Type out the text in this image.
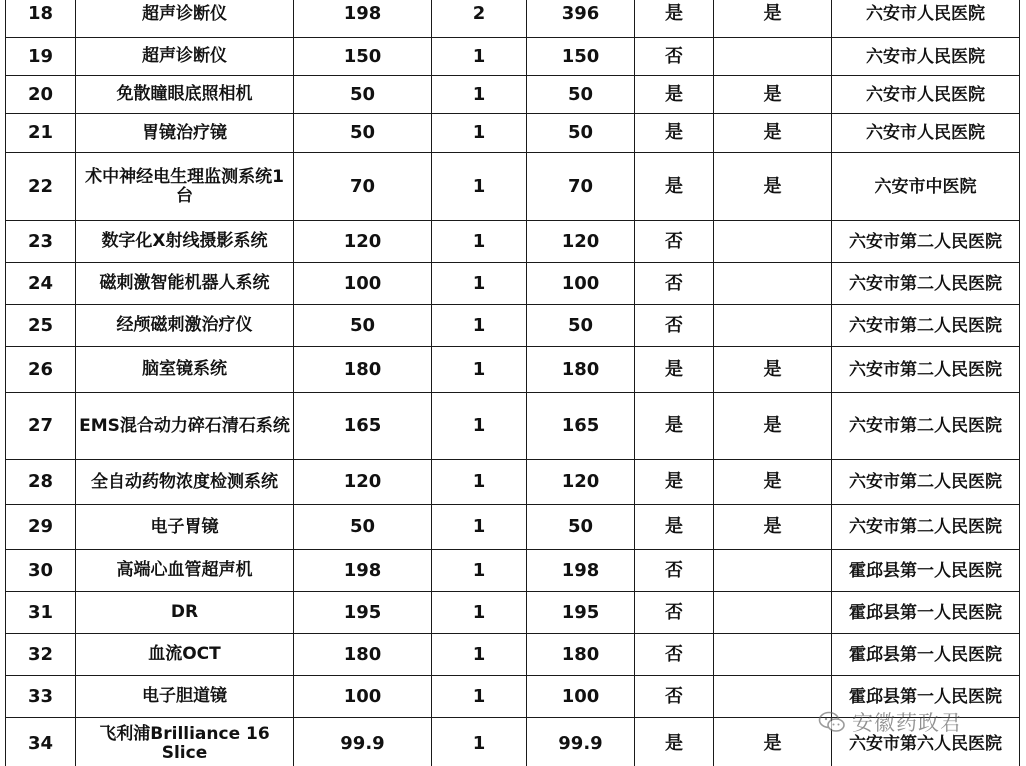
18	超声诊断仪	198	2	396	是	是	六安市人民医院
19	超声诊断仪	150	1	150	否		六安市人民医院
20	免散瞳眼底照相机	50	1	50	是	是	六安市人民医院
21	胃镜治疗镜	50	1	50	是	是	六安市人民医院
22	术中神经电生理监测系统1台	70	1	70	是	是	六安市中医院
23	数字化X射线摄影系统	120	1	120	否		六安市第二人民医院
24	磁刺激智能机器人系统	100	1	100	否		六安市第二人民医院
25	经颅磁刺激治疗仪	50	1	50	否		六安市第二人民医院
26	脑室镜系统	180	1	180	是	是	六安市第二人民医院
27	EMS混合动力碎石清石系统	165	1	165	是	是	六安市第二人民医院
28	全自动药物浓度检测系统	120	1	120	是	是	六安市第二人民医院
29	电子胃镜	50	1	50	是	是	六安市第二人民医院
30	高端心血管超声机	198	1	198	否		霍邱县第一人民医院
31	DR	195	1	195	否		霍邱县第一人民医院
32	血流OCT	180	1	180	否		霍邱县第一人民医院
33	电子胆道镜	100	1	100	否		霍邱县第一人民医院
34	飞利浦Brilliance 16 Slice	99.9	1	99.9	是	是	六安市第六人民医院
安徽药政君
